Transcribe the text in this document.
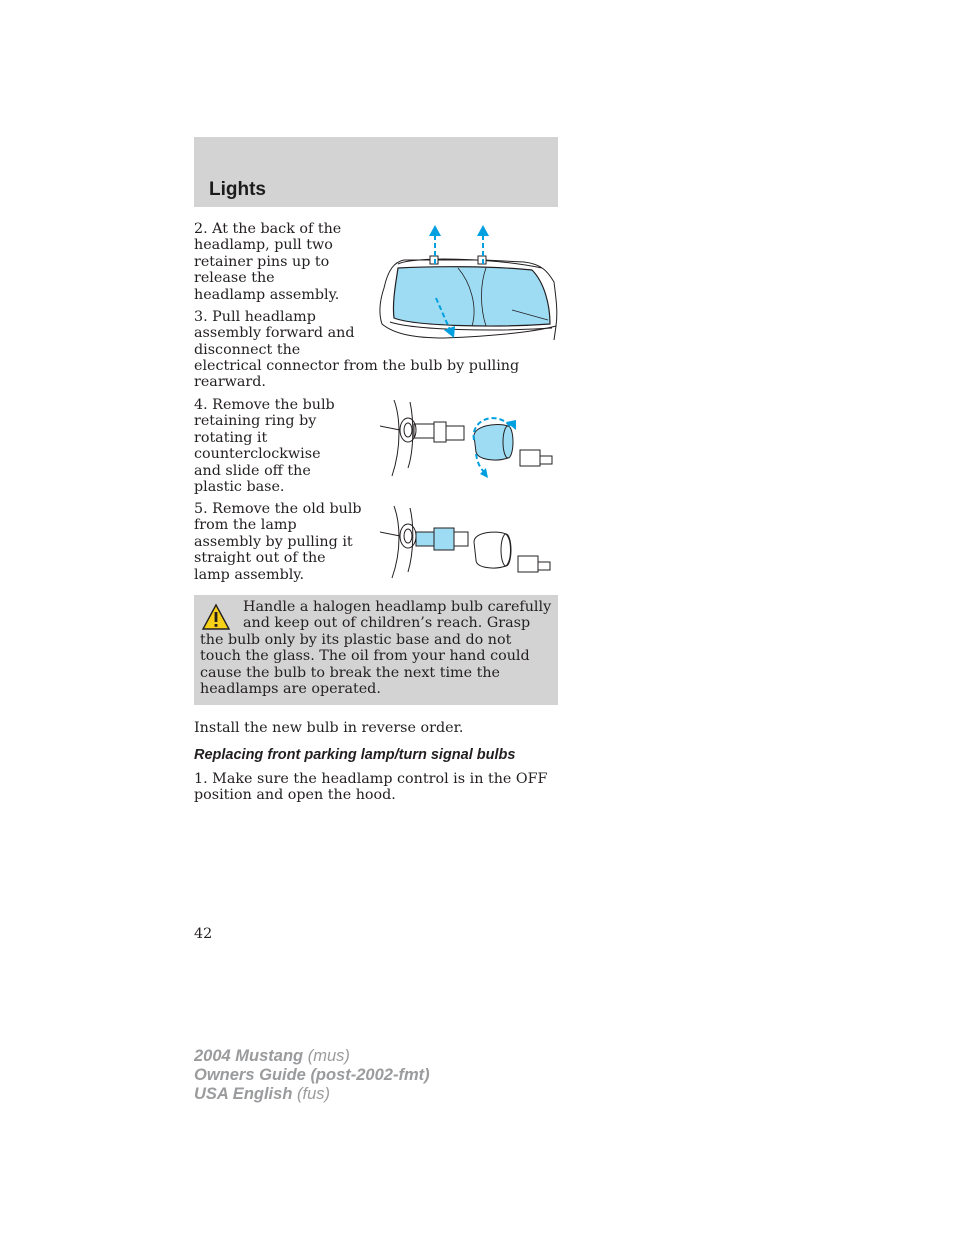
Lights

2. At the back of the headlamp, pull two retainer pins up to release the headlamp assembly.

3. Pull headlamp assembly forward and disconnect the

electrical connector from the bulb by pulling rearward.

4. Remove the bulb retaining ring by rotating it counterclockwise and slide off the plastic base.

5. Remove the old bulb from the lamp assembly by pulling it straight out of the lamp assembly.

Handle a halogen headlamp bulb carefully and keep out of children’s reach. Grasp the bulb only by its plastic base and do not touch the glass. The oil from your hand could cause the bulb to break the next time the headlamps are operated.

Install the new bulb in reverse order.

Replacing front parking lamp/turn signal bulbs

1. Make sure the headlamp control is in the OFF position and open the hood.

42
2004 Mustang (mus)
Owners Guide (post-2002-fmt)
USA English (fus)
